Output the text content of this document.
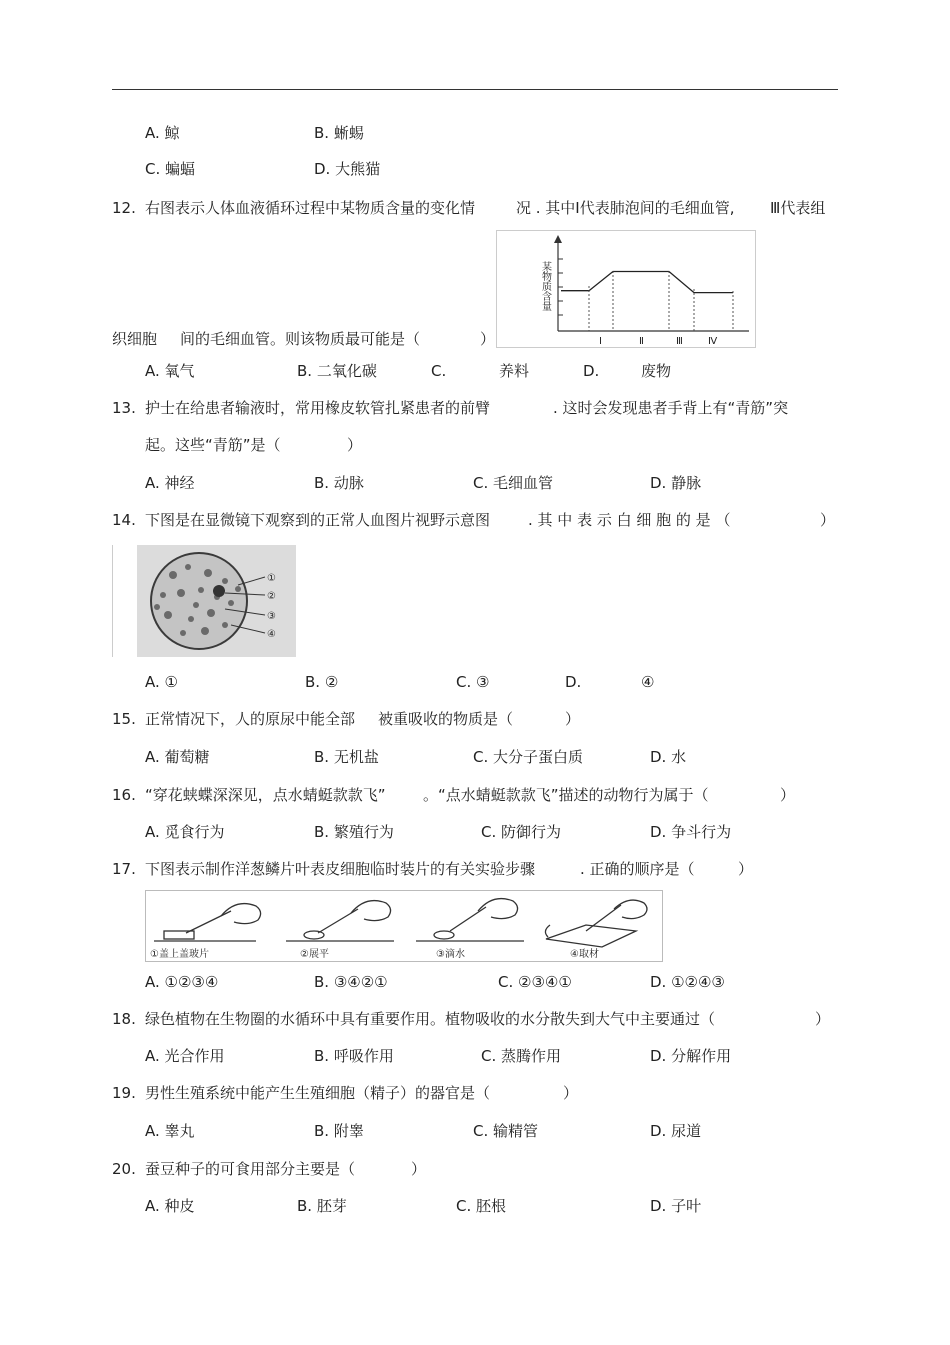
A. 鲸	B. 蜥蜴
C. 蝙蝠	D. 大熊猫
12. 右图表示人体血液循环过程中某物质含量的变化情	况 . 其中Ⅰ代表肺泡间的毛细血管, Ⅲ代表组
某物质含量
Ⅰ	Ⅱ	Ⅲ	Ⅳ
织细胞 间的毛细血管。则该物质最可能是（	）
A. 氧气	B. 二氧化碳	C.	养料	D.	废物
13. 护士在给患者输液时，常用橡皮软管扎紧患者的前臂	. 这时会发现患者手背上有“青筋”突
起。这些“青筋”是（	）
A. 神经	B. 动脉	C. 毛细血管	D. 静脉
14. 下图是在显微镜下观察到的正常人血图片视野示意图	. 其 中 表 示 白 细 胞 的 是 （	）
①
②
③
④
A. ①	B. ②	C. ③	D.	④
15. 正常情况下，人的原尿中能全部 被重吸收的物质是（	）
A. 葡萄糖	B. 无机盐	C. 大分子蛋白质	D. 水
16. “穿花蛱蝶深深见，点水蜻蜓款款飞” 。“点水蜻蜓款款飞”描述的动物行为属于（	）
A. 觅食行为	B. 繁殖行为	C. 防御行为	D. 争斗行为
17. 下图表示制作洋葱鳞片叶表皮细胞临时装片的有关实验步骤	. 正确的顺序是（	）
①盖上盖玻片	②展平	③滴水	④取材
A. ①②③④	B. ③④②①	C. ②③④①	D. ①②④③
18. 绿色植物在生物圈的水循环中具有重要作用。植物吸收的水分散失到大气中主要通过（	）
A. 光合作用	B. 呼吸作用	C. 蒸腾作用	D. 分解作用
19. 男性生殖系统中能产生生殖细胞（精子）的器官是（	）
A. 睾丸	B. 附睾	C. 输精管	D. 尿道
20. 蚕豆种子的可食用部分主要是（	）
A. 种皮	B. 胚芽	C. 胚根	D. 子叶
